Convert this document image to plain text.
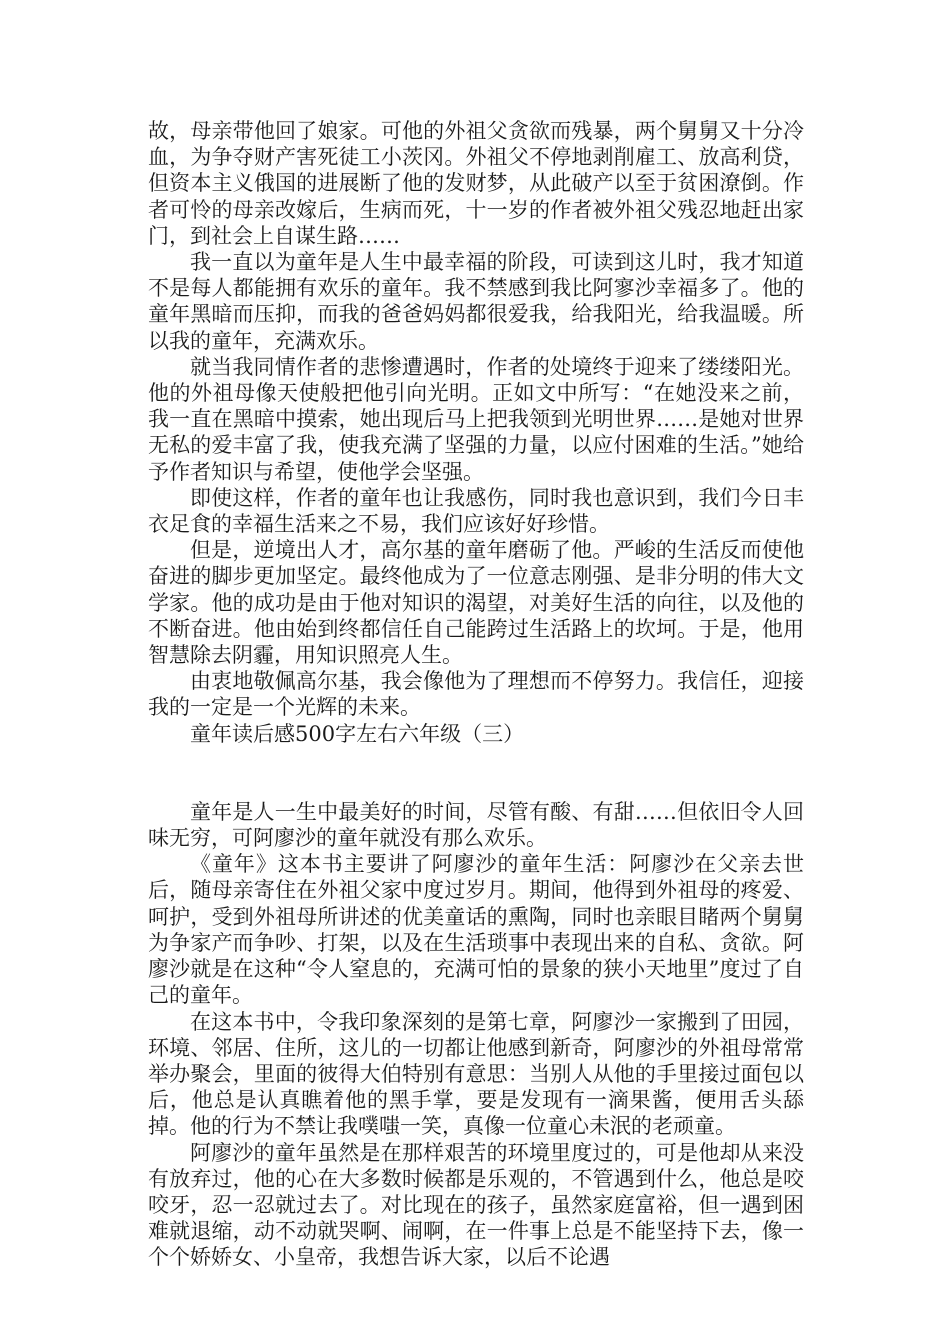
故，母亲带他回了娘家。可他的外祖父贪欲而残暴，两个舅舅又十分冷血，为争夺财产害死徒工小茨冈。外祖父不停地剥削雇工、放高利贷，但资本主义俄国的进展断了他的发财梦，从此破产以至于贫困潦倒。作者可怜的母亲改嫁后，生病而死，十一岁的作者被外祖父残忍地赶出家门，到社会上自谋生路……

我一直以为童年是人生中最幸福的阶段，可读到这儿时，我才知道不是每人都能拥有欢乐的童年。我不禁感到我比阿寥沙幸福多了。他的童年黑暗而压抑，而我的爸爸妈妈都很爱我，给我阳光，给我温暖。所以我的童年，充满欢乐。

就当我同情作者的悲惨遭遇时，作者的处境终于迎来了缕缕阳光。他的外祖母像天使般把他引向光明。正如文中所写：“在她没来之前，我一直在黑暗中摸索，她出现后马上把我领到光明世界……是她对世界无私的爱丰富了我，使我充满了坚强的力量，以应付困难的生活。”她给予作者知识与希望，使他学会坚强。

即使这样，作者的童年也让我感伤，同时我也意识到，我们今日丰衣足食的幸福生活来之不易，我们应该好好珍惜。

但是，逆境出人才，高尔基的童年磨砺了他。严峻的生活反而使他奋进的脚步更加坚定。最终他成为了一位意志刚强、是非分明的伟大文学家。他的成功是由于他对知识的渴望，对美好生活的向往，以及他的不断奋进。他由始到终都信任自己能跨过生活路上的坎坷。于是，他用智慧除去阴霾，用知识照亮人生。

由衷地敬佩高尔基，我会像他为了理想而不停努力。我信任，迎接我的一定是一个光辉的未来。

童年读后感500字左右六年级（三）

童年是人一生中最美好的时间，尽管有酸、有甜……但依旧令人回味无穷，可阿廖沙的童年就没有那么欢乐。

《童年》这本书主要讲了阿廖沙的童年生活：阿廖沙在父亲去世后，随母亲寄住在外祖父家中度过岁月。期间，他得到外祖母的疼爱、呵护，受到外祖母所讲述的优美童话的熏陶，同时也亲眼目睹两个舅舅为争家产而争吵、打架，以及在生活琐事中表现出来的自私、贪欲。阿廖沙就是在这种“令人窒息的，充满可怕的景象的狭小天地里”度过了自己的童年。

在这本书中，令我印象深刻的是第七章，阿廖沙一家搬到了田园，环境、邻居、住所，这儿的一切都让他感到新奇，阿廖沙的外祖母常常举办聚会，里面的彼得大伯特别有意思：当别人从他的手里接过面包以后，他总是认真瞧着他的黑手掌，要是发现有一滴果酱，便用舌头舔掉。他的行为不禁让我噗嗤一笑，真像一位童心未泯的老顽童。

阿廖沙的童年虽然是在那样艰苦的环境里度过的，可是他却从来没有放弃过，他的心在大多数时候都是乐观的，不管遇到什么，他总是咬咬牙，忍一忍就过去了。对比现在的孩子，虽然家庭富裕，但一遇到困难就退缩，动不动就哭啊、闹啊，在一件事上总是不能坚持下去，像一个个娇娇女、小皇帝，我想告诉大家，以后不论遇
